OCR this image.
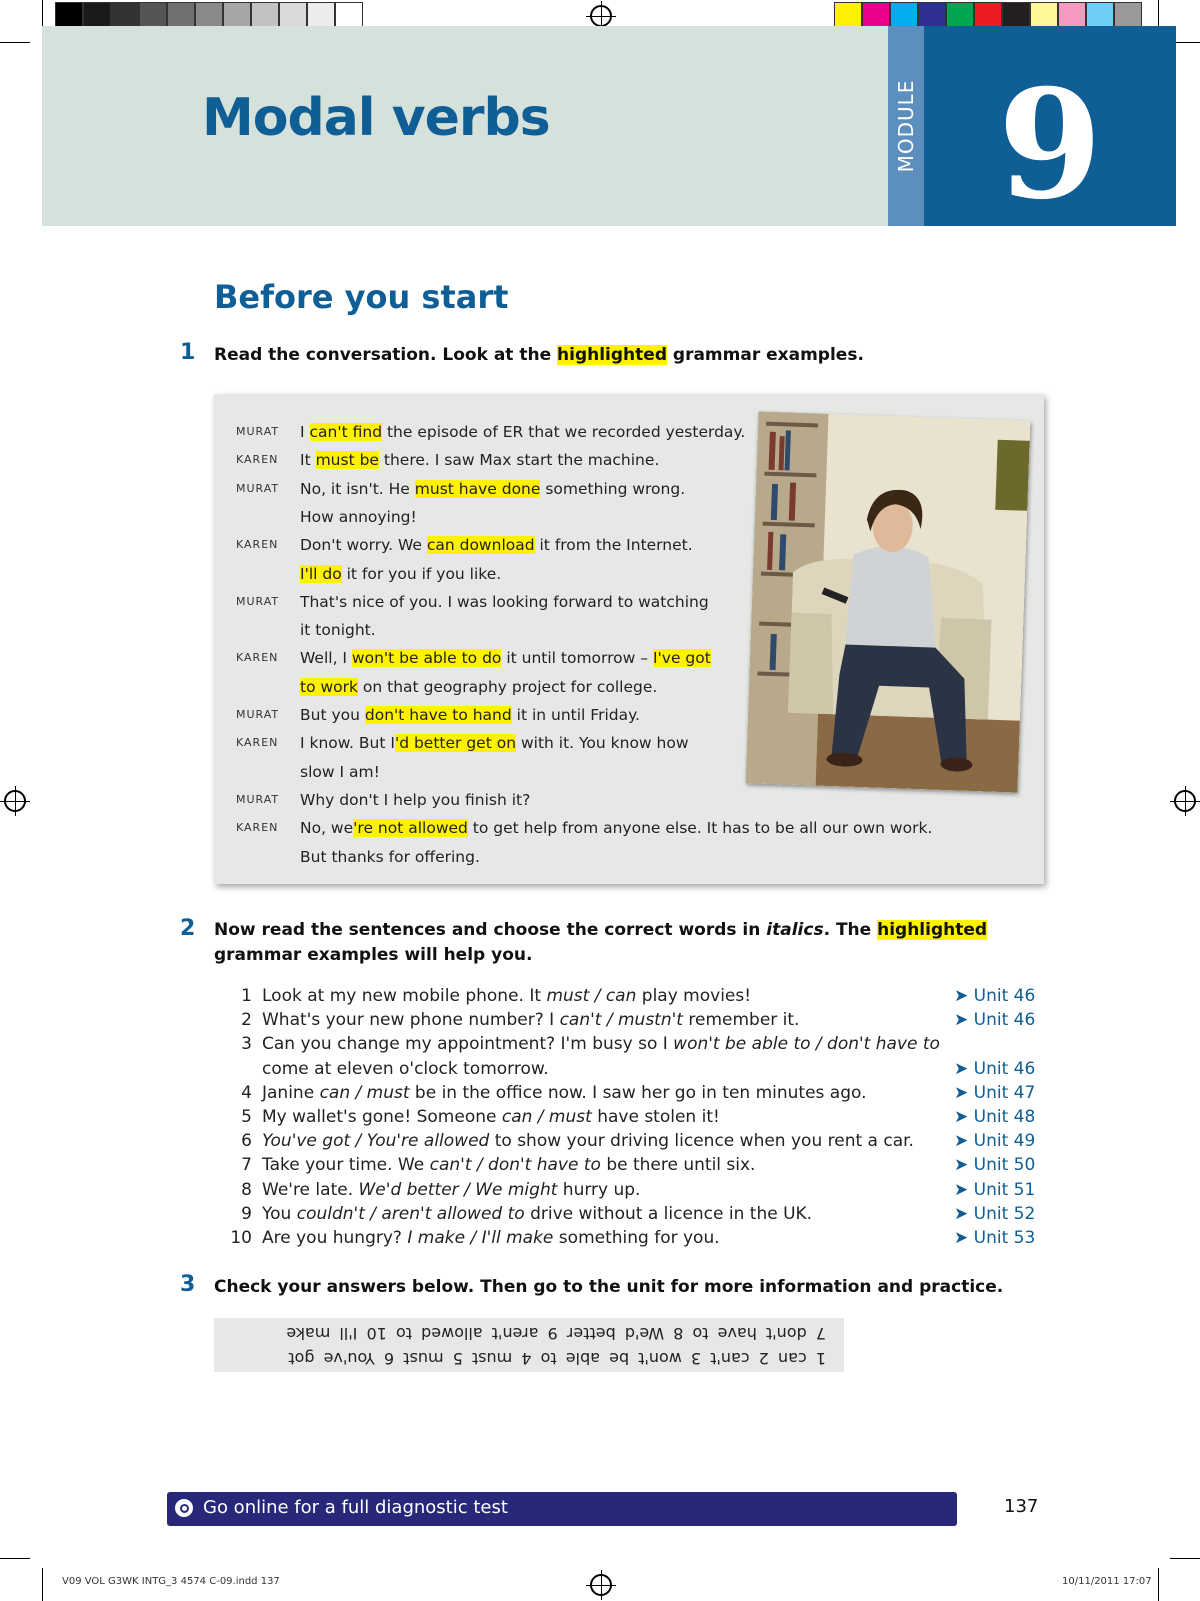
Modal verbs	MODULE 9
Before you start
1 Read the conversation. Look at the highlighted grammar examples.
MURAT I can't find the episode of ER that we recorded yesterday.
KAREN It must be there. I saw Max start the machine.
MURAT No, it isn't. He must have done something wrong.
How annoying!
KAREN Don't worry. We can download it from the Internet.
I'll do it for you if you like.
MURAT That's nice of you. I was looking forward to watching
it tonight.
KAREN Well, I won't be able to do it until tomorrow – I've got
to work on that geography project for college.
MURAT But you don't have to hand it in until Friday.
KAREN I know. But I'd better get on with it. You know how
slow I am!
MURAT Why don't I help you finish it?
KAREN No, we're not allowed to get help from anyone else. It has to be all our own work.
But thanks for offering.
2 Now read the sentences and choose the correct words in italics. The highlighted
grammar examples will help you.
1 Look at my new mobile phone. It must / can play movies!	➤ Unit 46
2 What's your new phone number? I can't / mustn't remember it.	➤ Unit 46
3 Can you change my appointment? I'm busy so I won't be able to / don't have to
come at eleven o'clock tomorrow.	➤ Unit 46
4 Janine can / must be in the office now. I saw her go in ten minutes ago.	➤ Unit 47
5 My wallet's gone! Someone can / must have stolen it!	➤ Unit 48
6 You've got / You're allowed to show your driving licence when you rent a car. ➤ Unit 49
7 Take your time. We can't / don't have to be there until six.	➤ Unit 50
8 We're late. We'd better / We might hurry up.	➤ Unit 51
9 You couldn't / aren't allowed to drive without a licence in the UK.	➤ Unit 52
10 Are you hungry? I make / I'll make something for you.	➤ Unit 53
3 Check your answers below. Then go to the unit for more information and practice.
1 can 2 can't 3 won't be able to 4 must 5 must 6 You've got
7 don't have to 8 We'd better 9 aren't allowed to 10 I'll make
Go online for a full diagnostic test	137
V09 VOL G3WK INTG_3 4574 C-09.indd 137	10/11/2011 17:07
